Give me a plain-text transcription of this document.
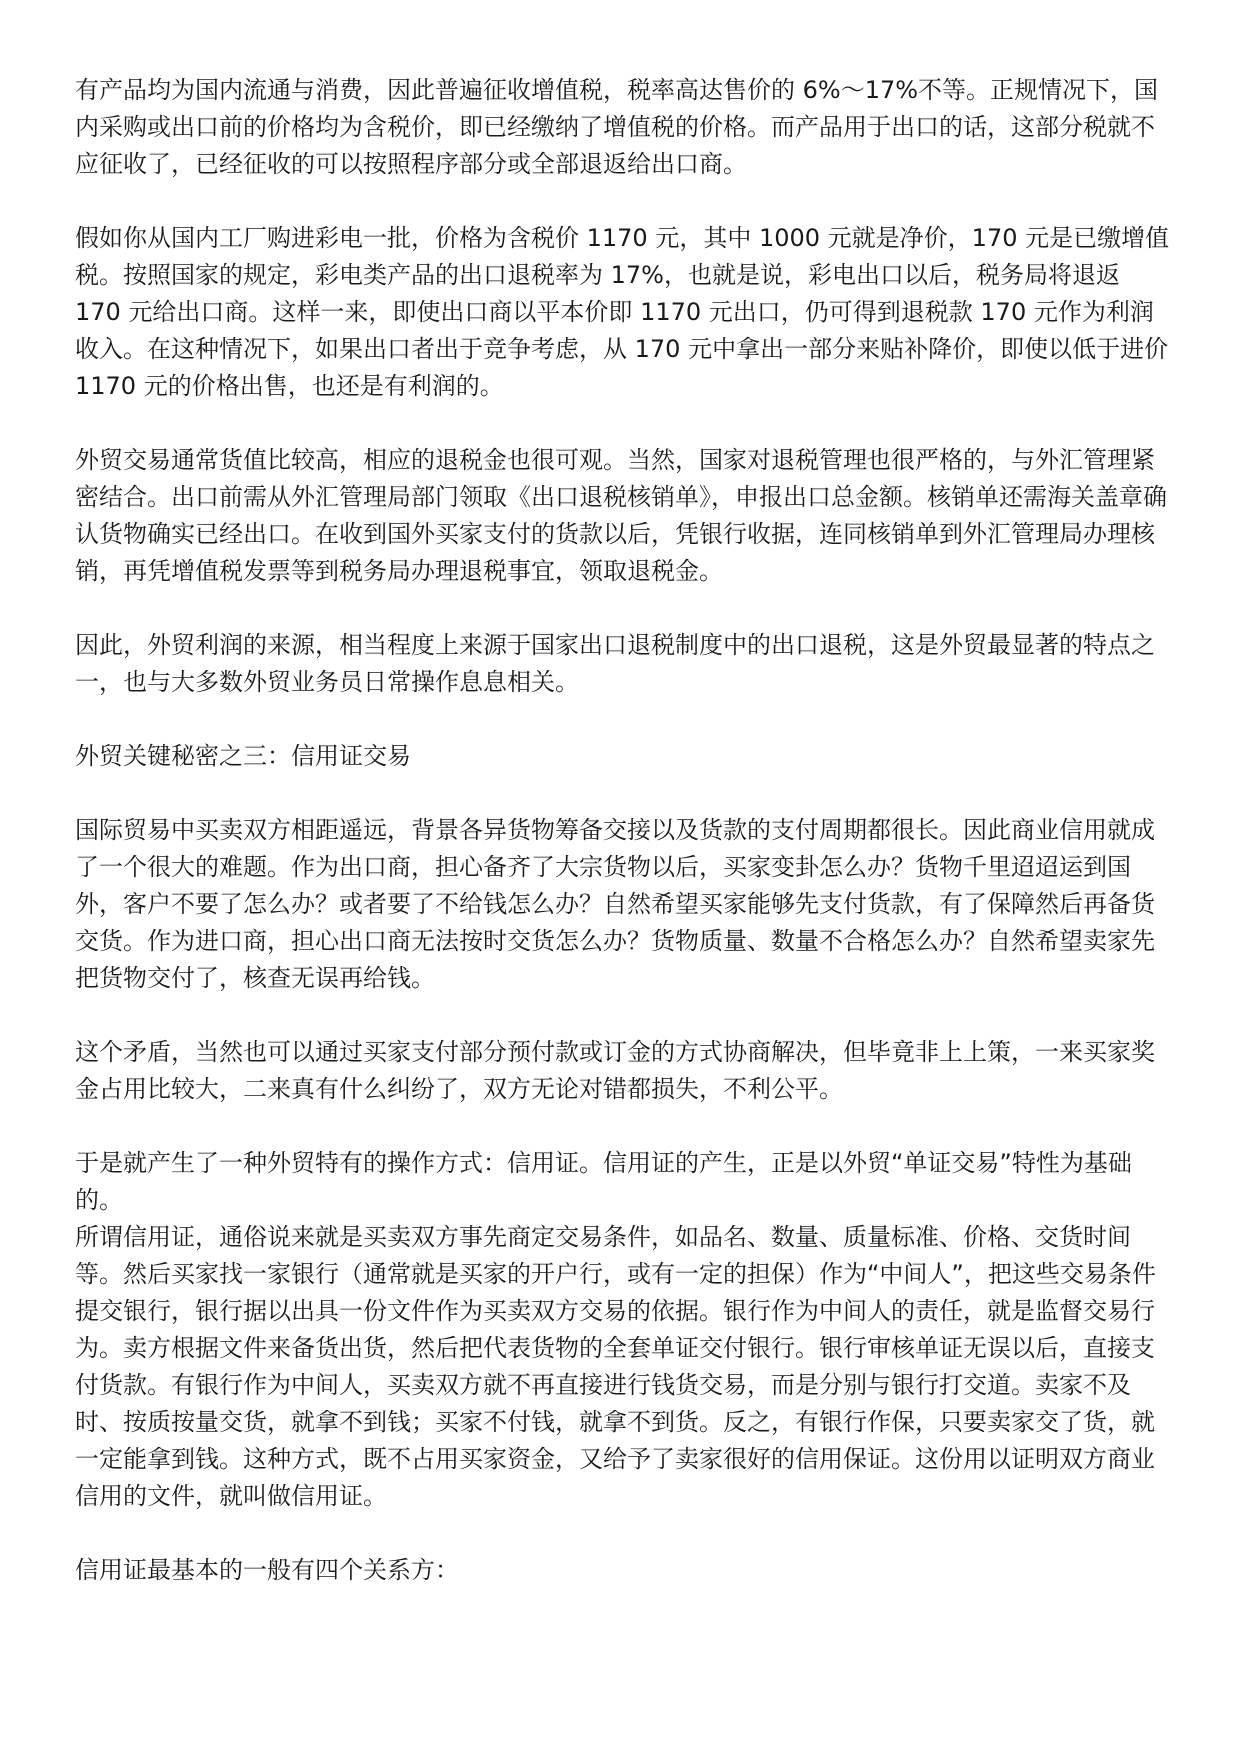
有产品均为国内流通与消费，因此普遍征收增值税，税率高达售价的 6%～17%不等。正规情况下，国内采购或出口前的价格均为含税价，即已经缴纳了增值税的价格。而产品用于出口的话，这部分税就不应征收了，已经征收的可以按照程序部分或全部退返给出口商。

假如你从国内工厂购进彩电一批，价格为含税价 1170 元，其中 1000 元就是净价，170 元是已缴增值税。按照国家的规定，彩电类产品的出口退税率为 17%，也就是说，彩电出口以后，税务局将退返 170 元给出口商。这样一来，即使出口商以平本价即 1170 元出口，仍可得到退税款 170 元作为利润收入。在这种情况下，如果出口者出于竞争考虑，从 170 元中拿出一部分来贴补降价，即使以低于进价 1170 元的价格出售，也还是有利润的。

外贸交易通常货值比较高，相应的退税金也很可观。当然，国家对退税管理也很严格的，与外汇管理紧密结合。出口前需从外汇管理局部门领取《出口退税核销单》，申报出口总金额。核销单还需海关盖章确认货物确实已经出口。在收到国外买家支付的货款以后，凭银行收据，连同核销单到外汇管理局办理核销，再凭增值税发票等到税务局办理退税事宜，领取退税金。

因此，外贸利润的来源，相当程度上来源于国家出口退税制度中的出口退税，这是外贸最显著的特点之一，也与大多数外贸业务员日常操作息息相关。

外贸关键秘密之三：信用证交易

国际贸易中买卖双方相距遥远，背景各异货物筹备交接以及货款的支付周期都很长。因此商业信用就成了一个很大的难题。作为出口商，担心备齐了大宗货物以后，买家变卦怎么办？货物千里迢迢运到国外，客户不要了怎么办？或者要了不给钱怎么办？自然希望买家能够先支付货款，有了保障然后再备货交货。作为进口商，担心出口商无法按时交货怎么办？货物质量、数量不合格怎么办？自然希望卖家先把货物交付了，核查无误再给钱。

这个矛盾，当然也可以通过买家支付部分预付款或订金的方式协商解决，但毕竟非上上策，一来买家奖金占用比较大，二来真有什么纠纷了，双方无论对错都损失，不利公平。

于是就产生了一种外贸特有的操作方式：信用证。信用证的产生，正是以外贸“单证交易”特性为基础的。

所谓信用证，通俗说来就是买卖双方事先商定交易条件，如品名、数量、质量标准、价格、交货时间等。然后买家找一家银行（通常就是买家的开户行，或有一定的担保）作为“中间人”，把这些交易条件提交银行，银行据以出具一份文件作为买卖双方交易的依据。银行作为中间人的责任，就是监督交易行为。卖方根据文件来备货出货，然后把代表货物的全套单证交付银行。银行审核单证无误以后，直接支付货款。有银行作为中间人，买卖双方就不再直接进行钱货交易，而是分别与银行打交道。卖家不及时、按质按量交货，就拿不到钱；买家不付钱，就拿不到货。反之，有银行作保，只要卖家交了货，就一定能拿到钱。这种方式，既不占用买家资金，又给予了卖家很好的信用保证。这份用以证明双方商业信用的文件，就叫做信用证。

信用证最基本的一般有四个关系方：
